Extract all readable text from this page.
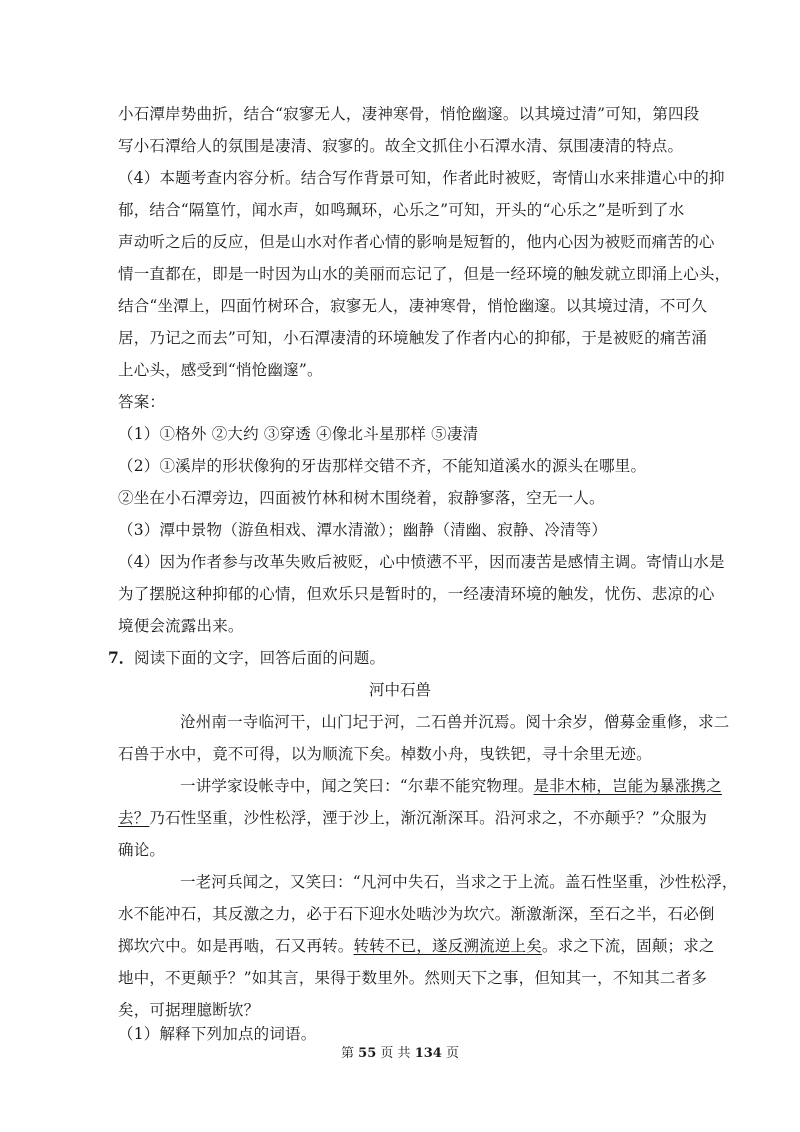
小石潭岸势曲折，结合“寂寥无人，凄神寒骨，悄怆幽邃。以其境过清”可知，第四段
写小石潭给人的氛围是凄清、寂寥的。故全文抓住小石潭水清、氛围凄清的特点。
（4）本题考查内容分析。结合写作背景可知，作者此时被贬，寄情山水来排遣心中的抑
郁，结合“隔篁竹，闻水声，如鸣珮环，心乐之”可知，开头的“心乐之”是听到了水
声动听之后的反应，但是山水对作者心情的影响是短暂的，他内心因为被贬而痛苦的心
情一直都在，即是一时因为山水的美丽而忘记了，但是一经环境的触发就立即涌上心头，
结合“坐潭上，四面竹树环合，寂寥无人，凄神寒骨，悄怆幽邃。以其境过清，不可久
居，乃记之而去”可知，小石潭凄清的环境触发了作者内心的抑郁，于是被贬的痛苦涌
上心头，感受到“悄怆幽邃”。
答案：
（1）①格外 ②大约 ③穿透 ④像北斗星那样 ⑤凄清
（2）①溪岸的形状像狗的牙齿那样交错不齐，不能知道溪水的源头在哪里。
②坐在小石潭旁边，四面被竹林和树木围绕着，寂静寥落，空无一人。
（3）潭中景物（游鱼相戏、潭水清澈）；幽静（清幽、寂静、冷清等）
（4）因为作者参与改革失败后被贬，心中愤懑不平，因而凄苦是感情主调。寄情山水是
为了摆脱这种抑郁的心情，但欢乐只是暂时的，一经凄清环境的触发，忧伤、悲凉的心
境便会流露出来。
7． 阅读下面的文字，回答后面的问题。
河中石兽
沧州南一寺临河干，山门圮于河，二石兽并沉焉。阅十余岁，僧募金重修，求二
石兽于水中，竟不可得，以为顺流下矣。棹数小舟，曳铁钯，寻十余里无迹。
一讲学家设帐寺中，闻之笑曰：“尔辈不能究物理。是非木柿，岂能为暴涨携之
去？乃石性坚重，沙性松浮，湮于沙上，渐沉渐深耳。沿河求之，不亦颠乎？”众服为
确论。
一老河兵闻之，又笑曰：“凡河中失石，当求之于上流。盖石性坚重，沙性松浮，
水不能冲石，其反激之力，必于石下迎水处啮沙为坎穴。渐激渐深，至石之半，石必倒
掷坎穴中。如是再啮，石又再转。转转不已，遂反溯流逆上矣。求之下流，固颠；求之
地中，不更颠乎？”如其言，果得于数里外。然则天下之事，但知其一，不知其二者多
矣，可据理臆断欤？
（1）解释下列加点的词语。
第 55 页 共 134 页
